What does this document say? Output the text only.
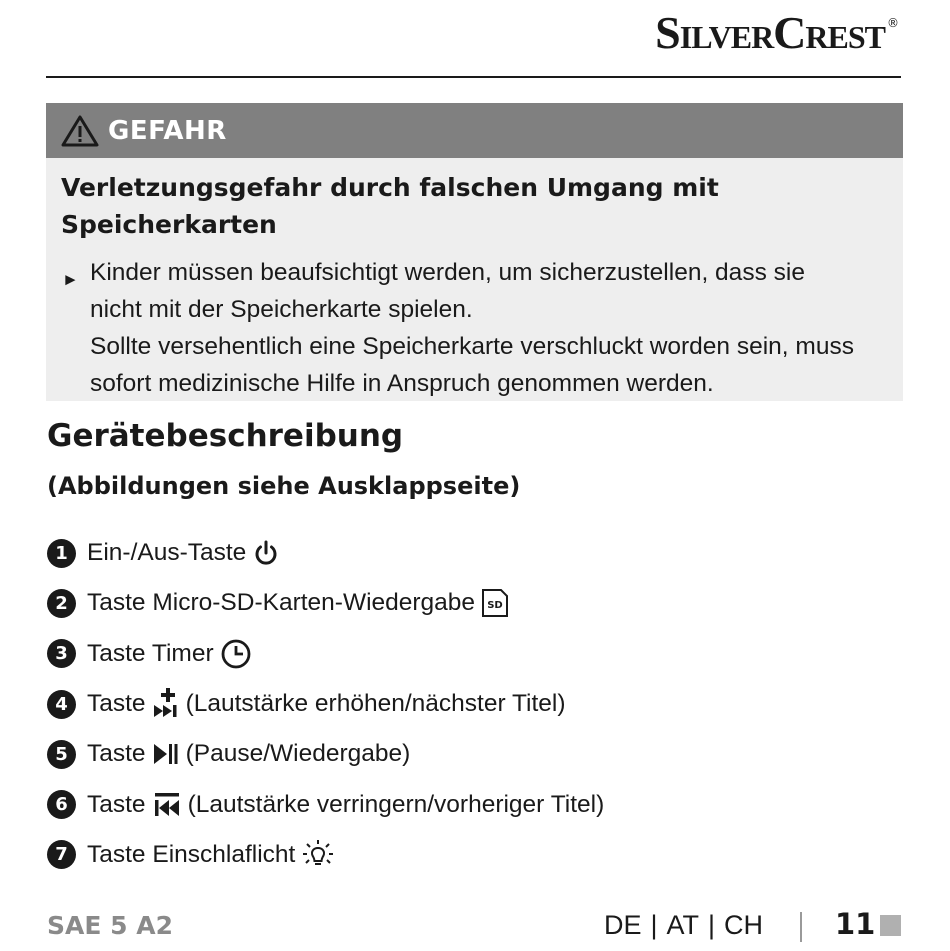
SilverCrest ®
GEFAHR
Verletzungsgefahr durch falschen Umgang mit
Speicherkarten
► Kinder müssen beaufsichtigt werden, um sicherzustellen, dass sie
nicht mit der Speicherkarte spielen.
Sollte versehentlich eine Speicherkarte verschluckt worden sein, muss
sofort medizinische Hilfe in Anspruch genommen werden.
Gerätebeschreibung
(Abbildungen siehe Ausklappseite)
1 Ein-/Aus-Taste
2 Taste Micro-SD-Karten-Wiedergabe SD
3 Taste Timer
4 Taste (Lautstärke erhöhen/nächster Titel)
5 Taste (Pause/Wiedergabe)
6 Taste (Lautstärke verringern/vorheriger Titel)
7 Taste Einschlaflicht
SAE 5 A2	DE | AT | CH 11
